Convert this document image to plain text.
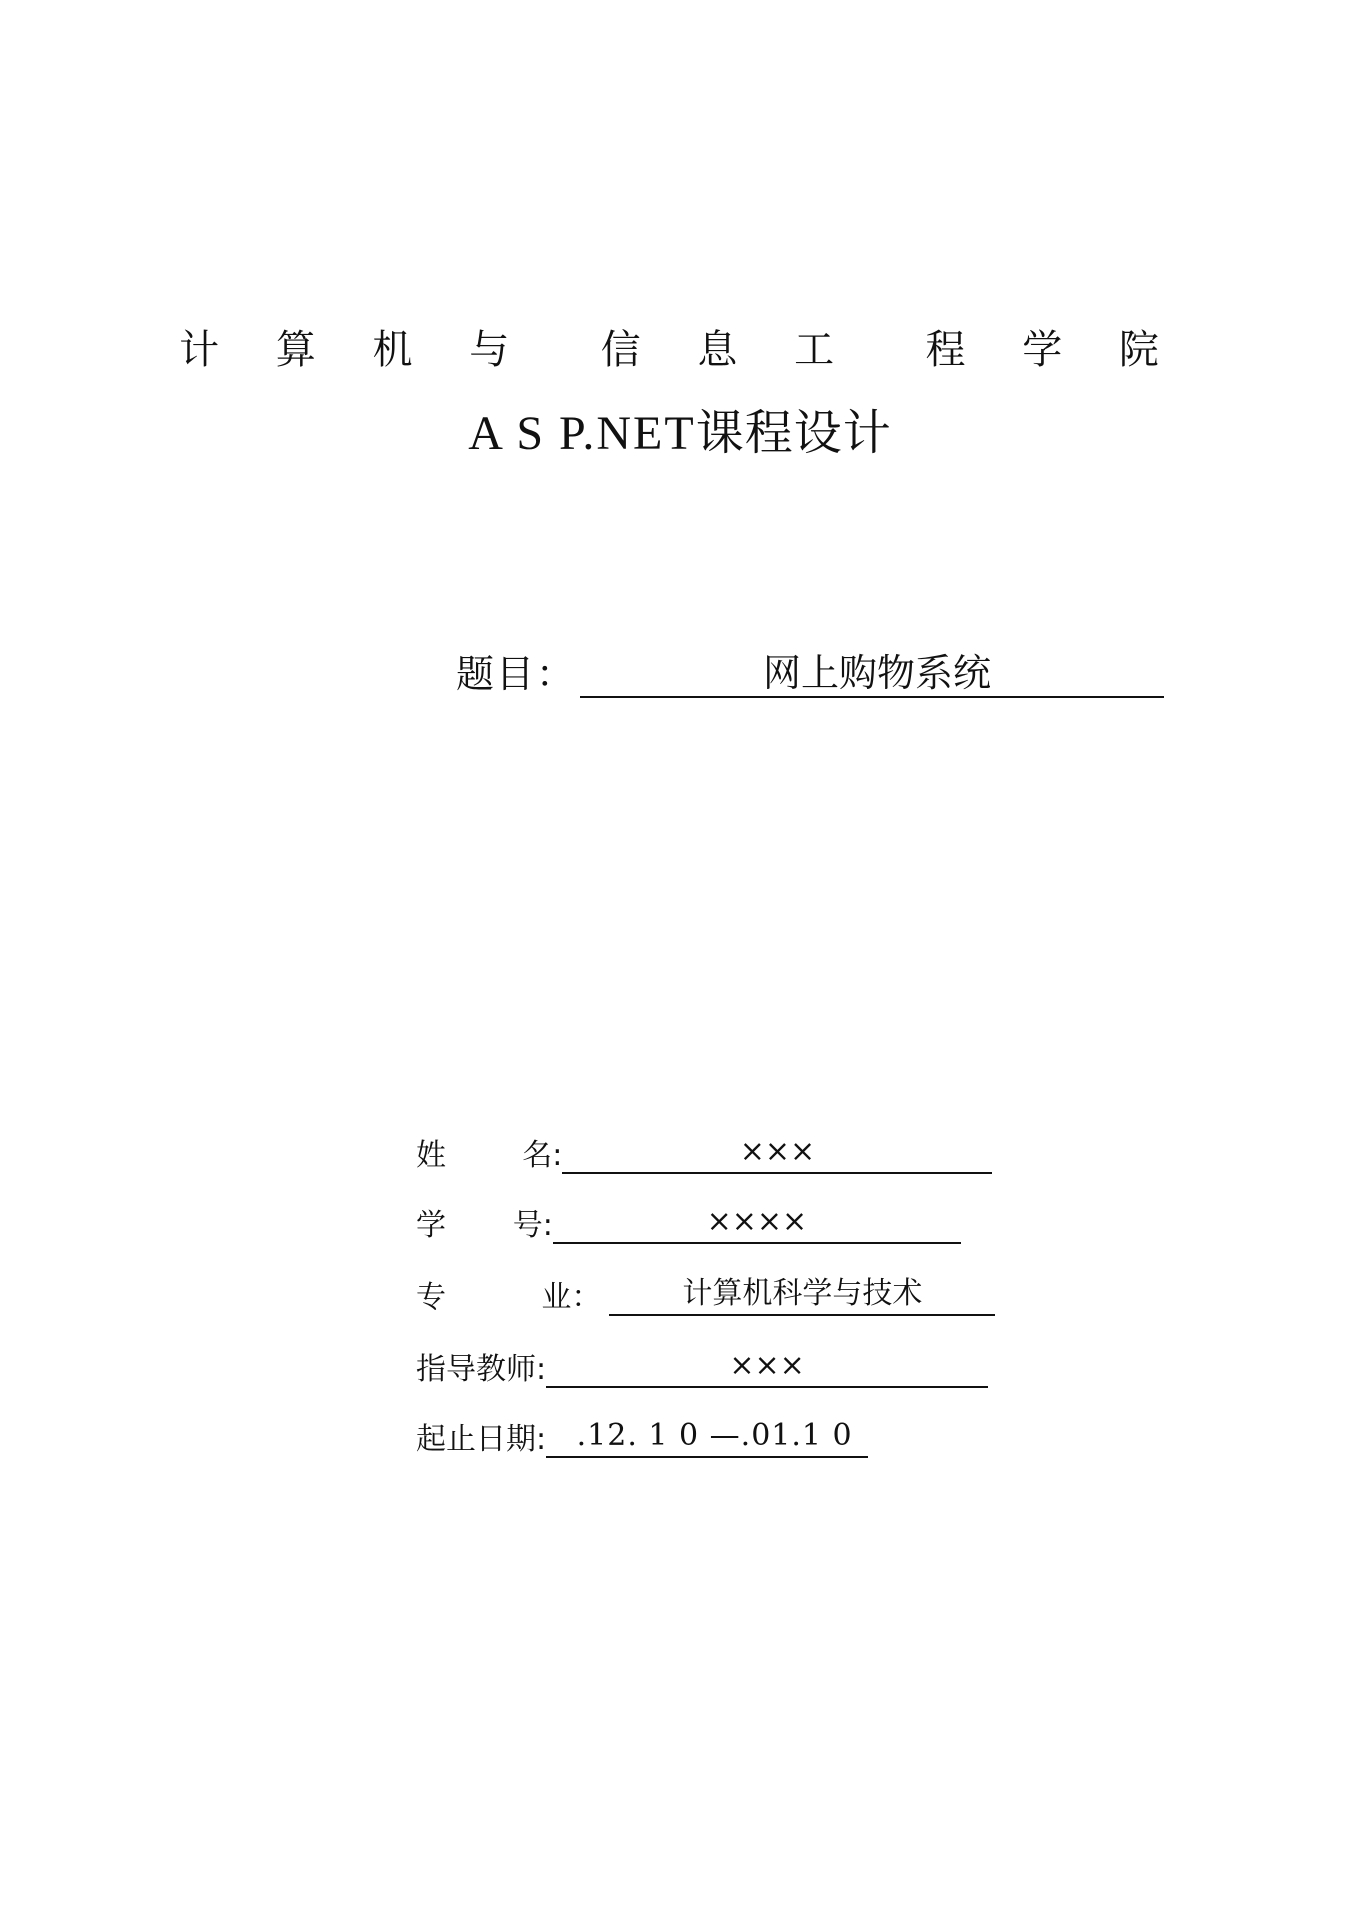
计 算 机 与  信 息 工  程 学 院
A S P.NET课程设计
题目：	网上购物系统
姓        名:	×××
学       号:	××××
专          业：	计算机科学与技术
指导教师:	×××
起止日期: .12. 1 0 —.01.1 0
